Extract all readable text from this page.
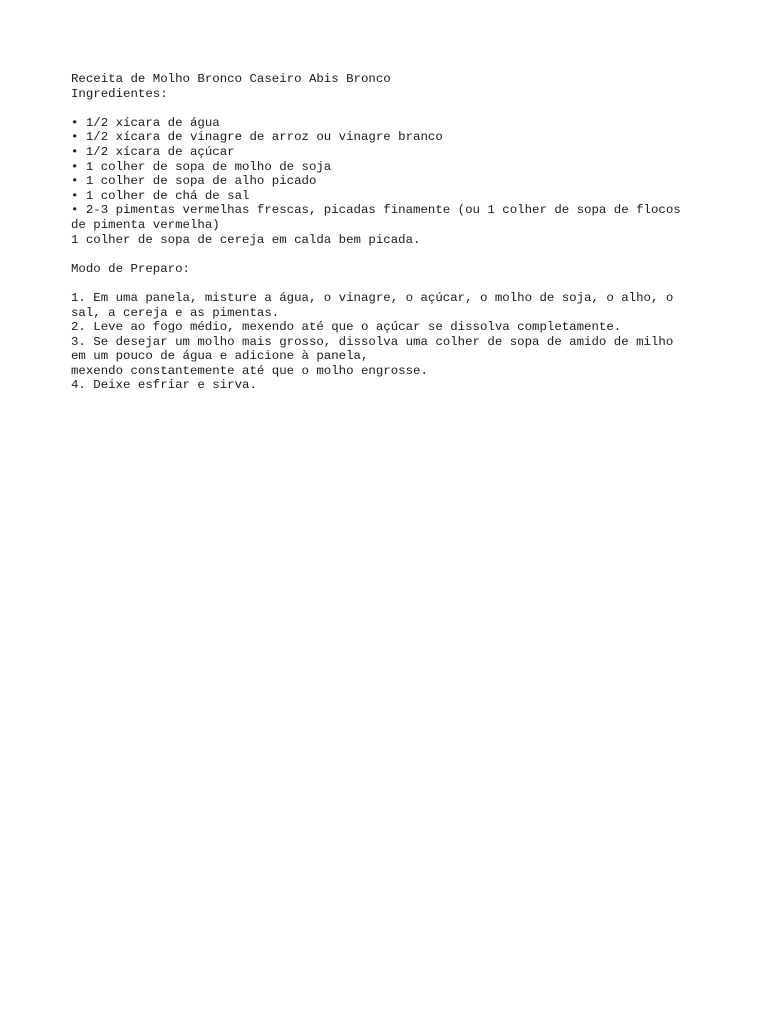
Receita de Molho Bronco Caseiro Abis Bronco
Ingredientes:
• 1/2 xícara de água
• 1/2 xícara de vinagre de arroz ou vinagre branco
• 1/2 xícara de açúcar
• 1 colher de sopa de molho de soja
• 1 colher de sopa de alho picado
• 1 colher de chá de sal
• 2-3 pimentas vermelhas frescas, picadas finamente (ou 1 colher de sopa de flocos
de pimenta vermelha)
1 colher de sopa de cereja em calda bem picada.
Modo de Preparo:
1. Em uma panela, misture a água, o vinagre, o açúcar, o molho de soja, o alho, o
sal, a cereja e as pimentas.
2. Leve ao fogo médio, mexendo até que o açúcar se dissolva completamente.
3. Se desejar um molho mais grosso, dissolva uma colher de sopa de amido de milho
em um pouco de água e adicione à panela,
mexendo constantemente até que o molho engrosse.
4. Deixe esfriar e sirva.
